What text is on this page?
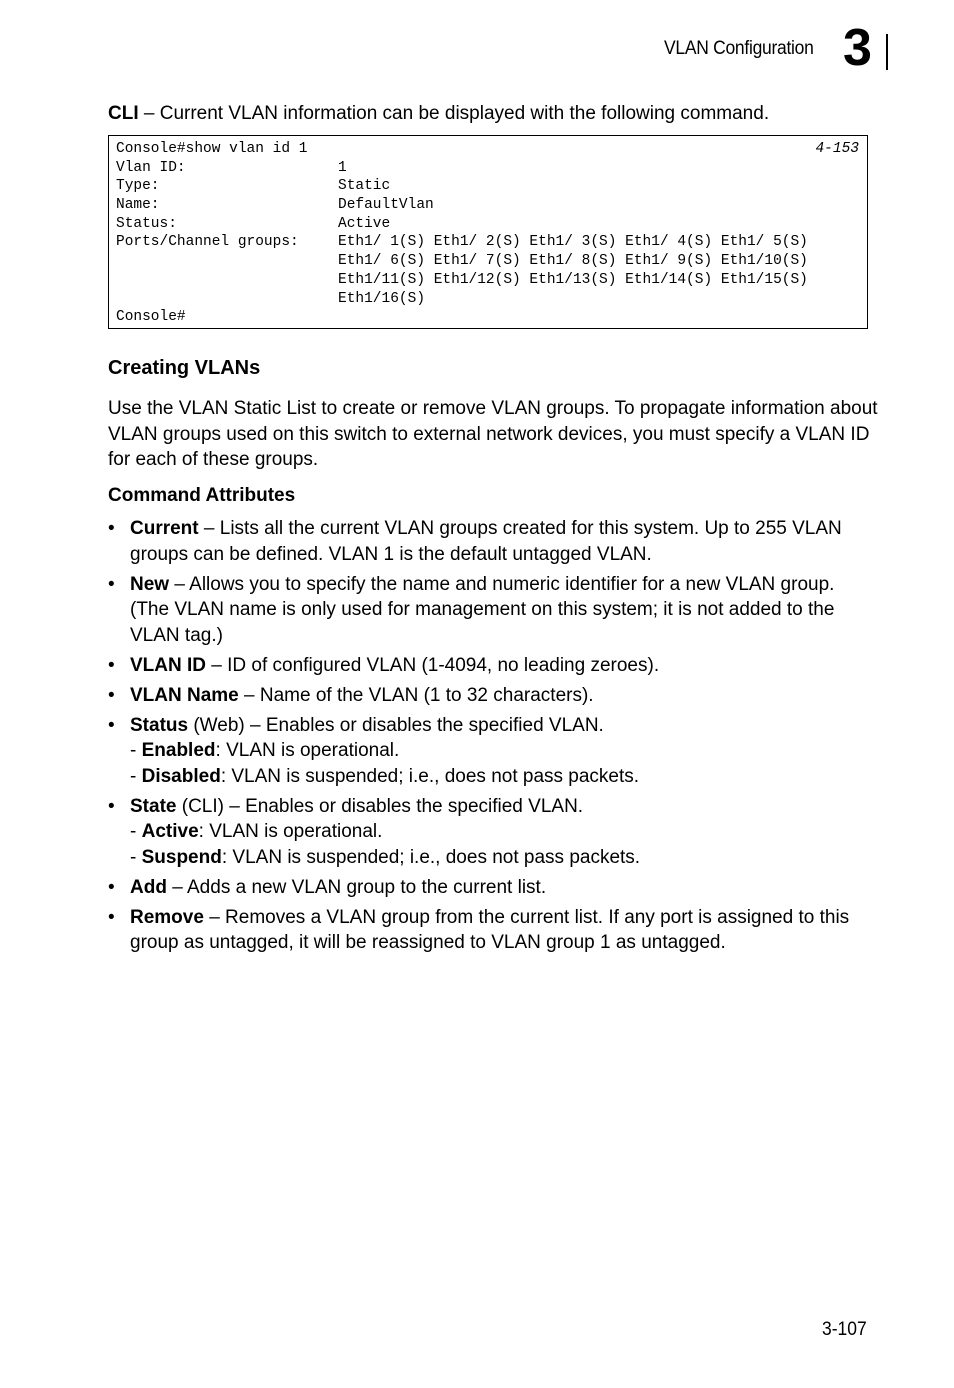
VLAN Configuration 3

CLI – Current VLAN information can be displayed with the following command.

4-153

Console#show vlan id 1

Vlan ID:	1
Type:	Static
Name:	DefaultVlan
Status:	Active
Ports/Channel groups:	Eth1/ 1(S) Eth1/ 2(S) Eth1/ 3(S) Eth1/ 4(S) Eth1/ 5(S)
Eth1/ 6(S) Eth1/ 7(S) Eth1/ 8(S) Eth1/ 9(S) Eth1/10(S)
Eth1/11(S) Eth1/12(S) Eth1/13(S) Eth1/14(S) Eth1/15(S)
Eth1/16(S)

Console#

Creating VLANs

Use the VLAN Static List to create or remove VLAN groups. To propagate information about VLAN groups used on this switch to external network devices, you must specify a VLAN ID for each of these groups.

Command Attributes
• Current – Lists all the current VLAN groups created for this system. Up to 255 VLAN groups can be defined. VLAN 1 is the default untagged VLAN.
• New – Allows you to specify the name and numeric identifier for a new VLAN group. (The VLAN name is only used for management on this system; it is not added to the VLAN tag.)
• VLAN ID – ID of configured VLAN (1-4094, no leading zeroes).
• VLAN Name – Name of the VLAN (1 to 32 characters).
• Status (Web) – Enables or disables the specified VLAN.
- Enabled: VLAN is operational.
- Disabled: VLAN is suspended; i.e., does not pass packets.
• State (CLI) – Enables or disables the specified VLAN.
- Active: VLAN is operational.
- Suspend: VLAN is suspended; i.e., does not pass packets.
• Add – Adds a new VLAN group to the current list.
• Remove – Removes a VLAN group from the current list. If any port is assigned to this group as untagged, it will be reassigned to VLAN group 1 as untagged.
3-107
